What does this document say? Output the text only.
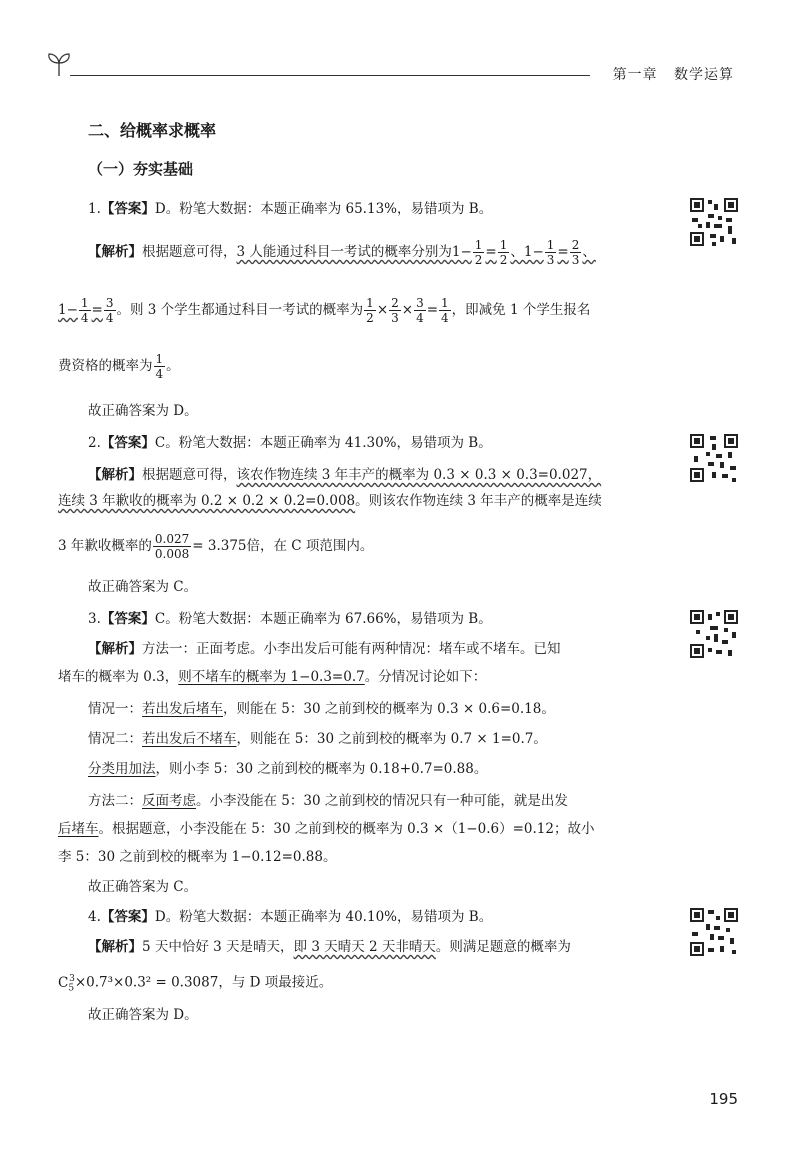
第一章 数学运算
二、给概率求概率
（一）夯实基础
1.【答案】D。粉笔大数据：本题正确率为 65.13%，易错项为 B。
【解析】根据题意可得，3 人能通过科目一考试的概率分别为$1- \frac{1}{2} = \frac{1}{2}$ 、$1- \frac{1}{3} = \frac{2}{3}$ 、
$1- \frac{1}{4} = \frac{3}{4}$ 。则 3 个学生都通过科目一考试的概率为 $\frac{1}{2} \times \frac{2}{3} \times \frac{3}{4} = \frac{1}{4}$ ，即减免 1 个学生报名
费资格的概率为 $\frac{1}{4}$ 。
故正确答案为 D。
2.【答案】C。粉笔大数据：本题正确率为 41.30%，易错项为 B。
【解析】根据题意可得，该农作物连续 3 年丰产的概率为 0.3 × 0.3 × 0.3=0.027，
连续 3 年歉收的概率为 0.2 × 0.2 × 0.2=0.008。则该农作物连续 3 年丰产的概率是连续
3 年歉收概率的 $\frac{0.027}{0.008} = 3.375$倍，在 C 项范围内。
故正确答案为 C。
3.【答案】C。粉笔大数据：本题正确率为 67.66%，易错项为 B。
【解析】方法一：正面考虑。小李出发后可能有两种情况：堵车或不堵车。已知
堵车的概率为 0.3，则不堵车的概率为 1−0.3=0.7。分情况讨论如下：
情况一：若出发后堵车，则能在 5：30 之前到校的概率为 0.3 × 0.6=0.18。
情况二：若出发后不堵车，则能在 5：30 之前到校的概率为 0.7 × 1=0.7。
分类用加法，则小李 5：30 之前到校的概率为 0.18+0.7=0.88。
方法二：反面考虑。小李没能在 5：30 之前到校的情况只有一种可能，就是出发
后堵车。根据题意，小李没能在 5：30 之前到校的概率为 0.3 ×（1−0.6）=0.12；故小
李 5：30 之前到校的概率为 1−0.12=0.88。
故正确答案为 C。
4.【答案】D。粉笔大数据：本题正确率为 40.10%，易错项为 B。
【解析】5 天中恰好 3 天是晴天，即 3 天晴天 2 天非晴天。则满足题意的概率为
$C_5^3\times 0.7^3\times 0.3^2 = 0.3087$，与 D 项最接近。
故正确答案为 D。
195
